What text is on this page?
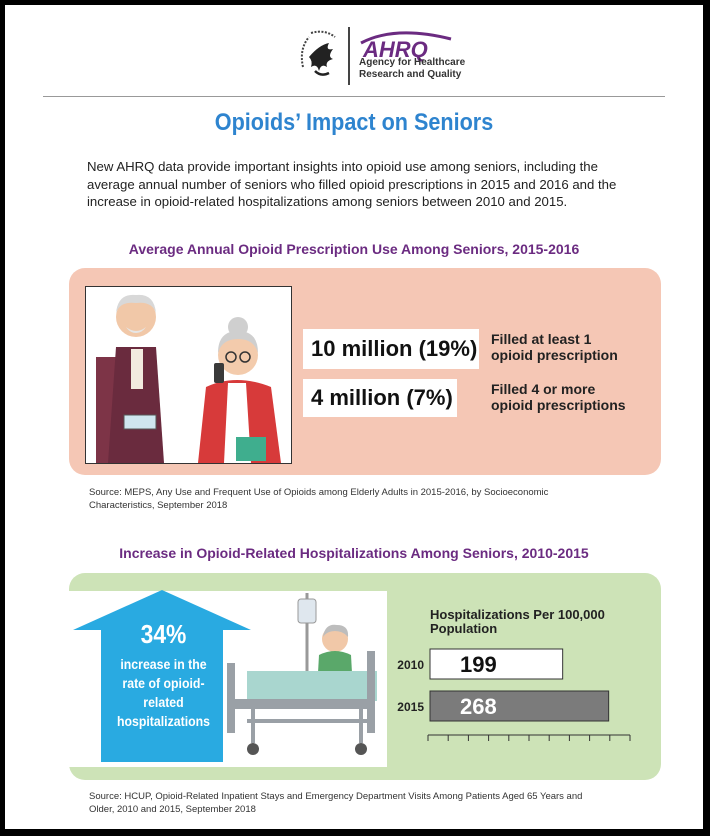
AHRQ
Agency for Healthcare
Research and Quality
Opioids’ Impact on Seniors
New AHRQ data provide important insights into opioid use among seniors, including the average annual number of seniors who filled opioid prescriptions in 2015 and 2016 and the increase in opioid-related hospitalizations among seniors between 2010 and 2015.
Average Annual Opioid Prescription Use Among Seniors, 2015-2016
10 million (19%) Filled at least 1
opioid prescription
4 million (7%)	Filled 4 or more
opioid prescriptions
Source: MEPS, Any Use and Frequent Use of Opioids among Elderly Adults in 2015-2016, by Socioeconomic
Characteristics, September 2018
Increase in Opioid-Related Hospitalizations Among Seniors, 2010-2015
34%
increase in the
rate of opioid-
related
hospitalizations
Hospitalizations Per 100,000 Population
2010 199
2015 268
Source: HCUP, Opioid-Related Inpatient Stays and Emergency Department Visits Among Patients Aged 65 Years and
Older, 2010 and 2015, September 2018
